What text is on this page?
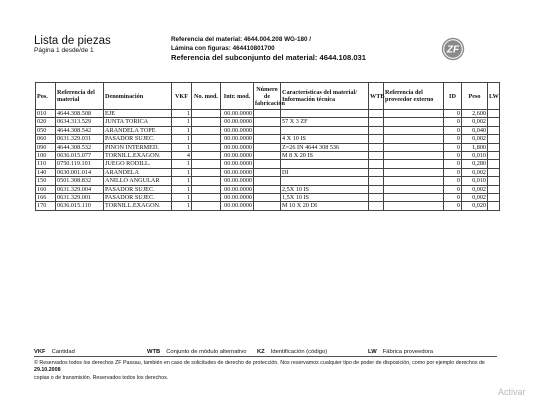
Lista de piezas
Página 1 desde/de 1
Referencia del material: 4644.004.208 WG-180 /
Lámina con figuras: 464410801700
Referencia del subconjunto del material: 4644.108.031
ZF
Pos.	Referencia del material	Denominación	VKF	No. mod.	Intr. mod.	Número de fabricación	Características del material/ Información técnica	WTB	Referencia del proveedor externo	ID	Peso	LW
010	4644.308.508	EJE	1		00.00.0000					0	2,600	
020	0634.313.529	JUNTA TORICA	1		00.00.0000		57 X 3 ZF			0	0,002	
050	4644.308.542	ARANDELA TOPE	1		00.00.0000					0	0,040	
060	0631.329.031	PASADOR SUJEC.	1		00.00.0000		4 X 10 IS			0	0,002	
090	4644.308.532	PINON INTERMED.	1		00.00.0000		Z=26 IN 4644 308 536			0	1,800	
100	0636.015.077	TORNILL.EXAGON.	4		00.00.0000		M 8 X 20 IS			0	0,010	
110	0750.119.101	JUEGO RODILL.	1		00.00.0000					0	0,280	
140	0630.001.014	ARANDELA	1		00.00.0000		DI			0	0,002	
150	0501.308.832	ANILLO ANGULAR	1		00.00.0000					0	0,010	
160	0631.329.004	PASADOR SUJEC.	1		00.00.0000		2,5X 10 IS			0	0,002	
166	0631.329.001	PASADOR SUJEC.	1		00.00.0000		1,5X 10 IS			0	0,002	
170	0636.015.110	TORNILL.EXAGON.	1		00.00.0000		M 10 X 20 DI			0	0,020	
VKF Cantidad	WTB Conjunto de módulo alternativo KZ Identificación (código)	LW Fábrica proveedora
© Reservados todos los derechos ZF Passau, también en caso de solicitudes de derecho de protección. Nos reservamos cualquier tipo de poder de disposición, como por ejemplo derechos de 29.10.2008
copias o de transmisión. Reservados todos los derechos.
Activar
